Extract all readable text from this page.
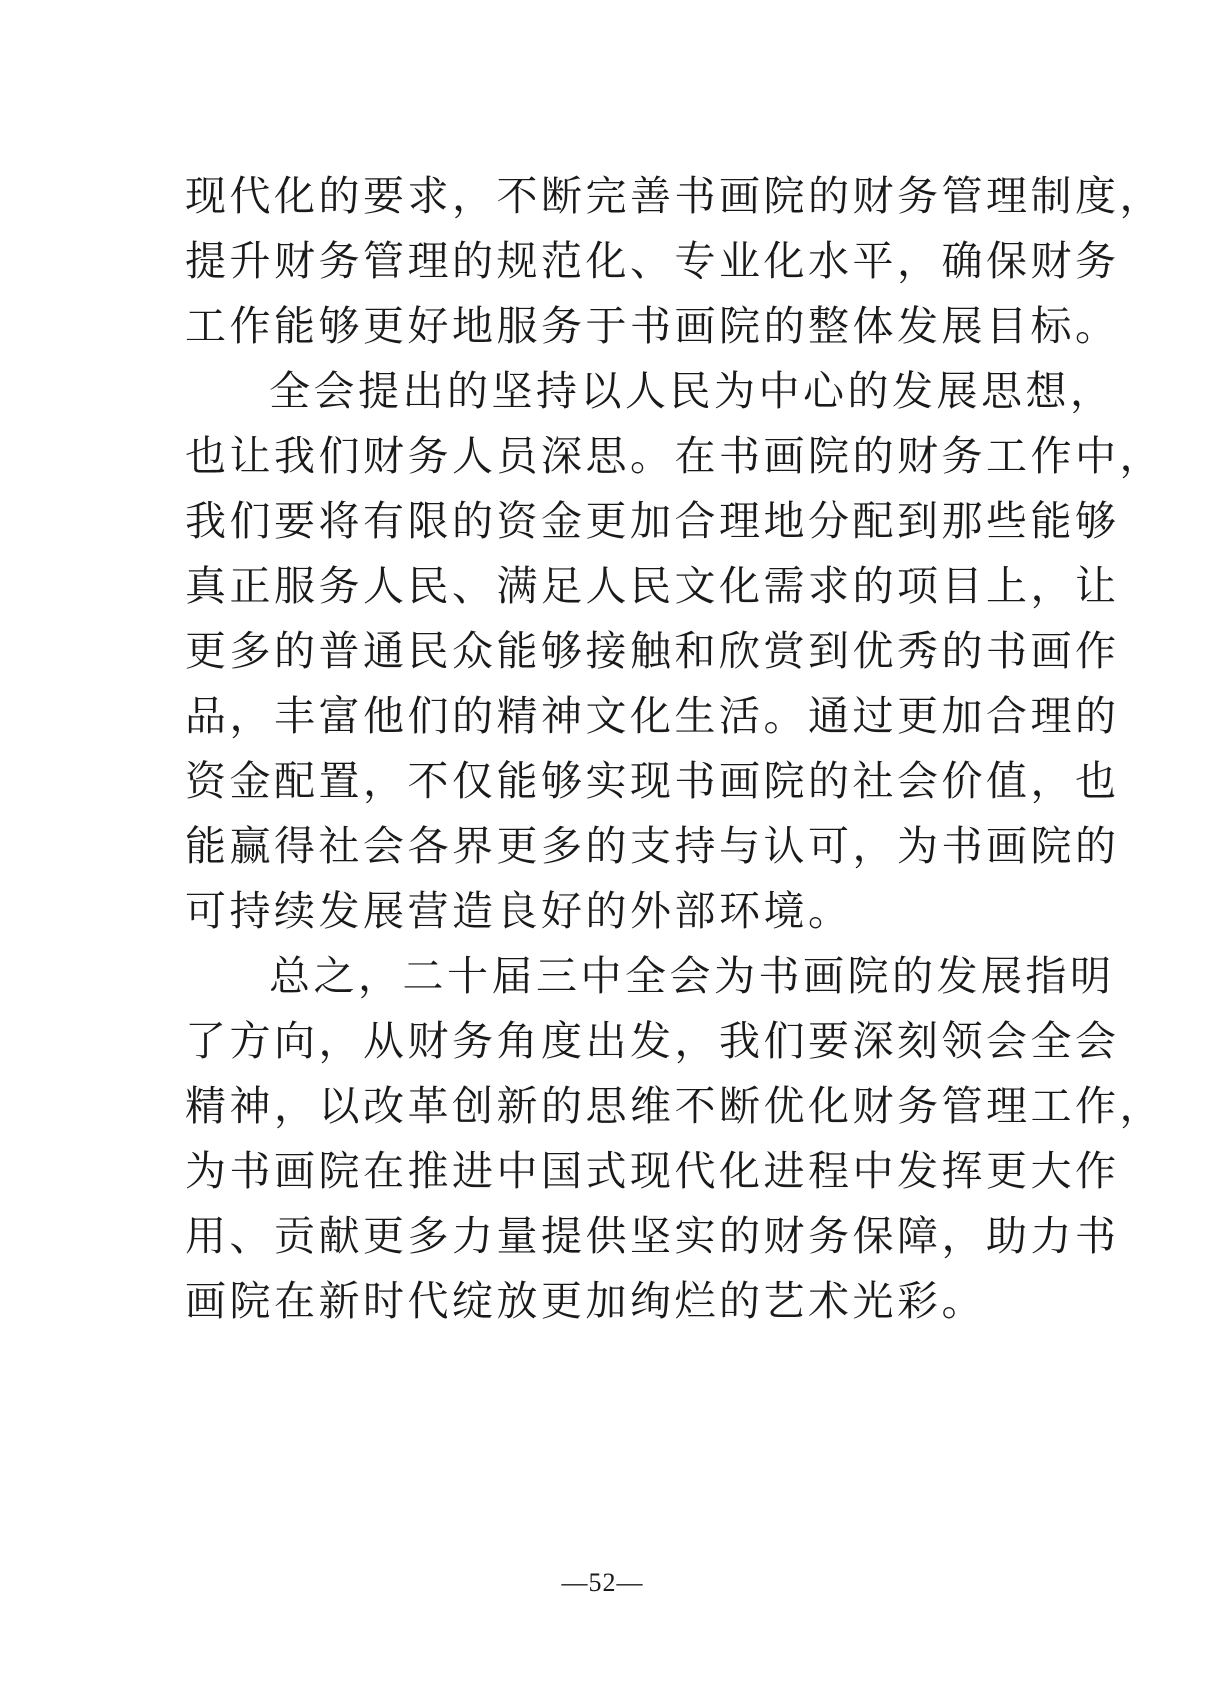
现代化的要求，不断完善书画院的财务管理制度，
提升财务管理的规范化、专业化水平，确保财务
工作能够更好地服务于书画院的整体发展目标。
全会提出的坚持以人民为中心的发展思想，
也让我们财务人员深思。在书画院的财务工作中，
我们要将有限的资金更加合理地分配到那些能够
真正服务人民、满足人民文化需求的项目上，让
更多的普通民众能够接触和欣赏到优秀的书画作
品，丰富他们的精神文化生活。通过更加合理的
资金配置，不仅能够实现书画院的社会价值，也
能赢得社会各界更多的支持与认可，为书画院的
可持续发展营造良好的外部环境。
总之，二十届三中全会为书画院的发展指明
了方向，从财务角度出发，我们要深刻领会全会
精神，以改革创新的思维不断优化财务管理工作，
为书画院在推进中国式现代化进程中发挥更大作
用、贡献更多力量提供坚实的财务保障，助力书
画院在新时代绽放更加绚烂的艺术光彩。
—52—
